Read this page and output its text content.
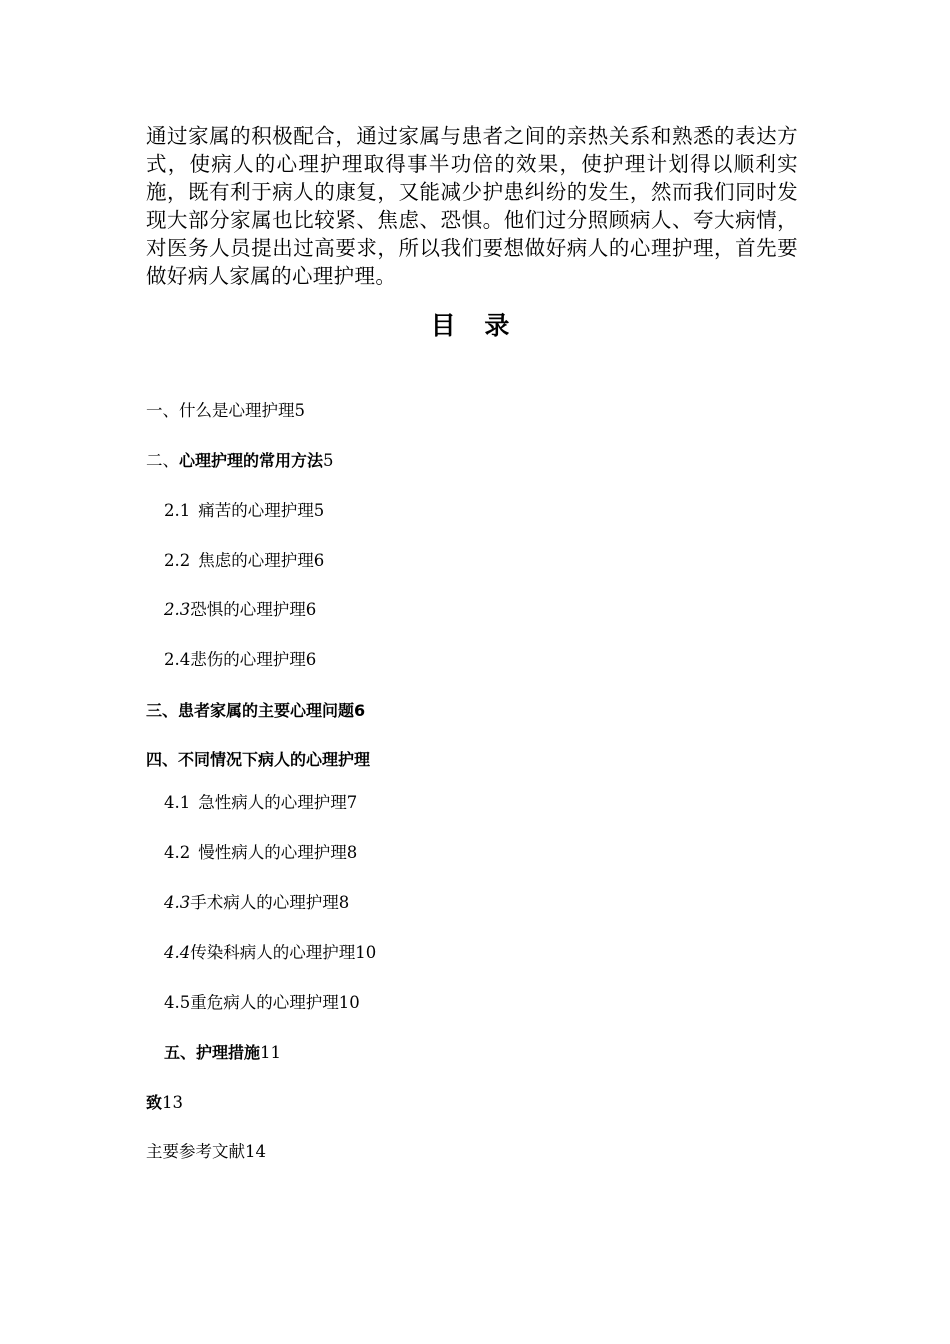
通过家属的积极配合，通过家属与患者之间的亲热关系和熟悉的表达方式，使病人的心理护理取得事半功倍的效果，使护理计划得以顺利实施，既有利于病人的康复，又能减少护患纠纷的发生，然而我们同时发现大部分家属也比较紧、焦虑、恐惧。他们过分照顾病人、夸大病情，对医务人员提出过高要求，所以我们要想做好病人的心理护理，首先要做好病人家属的心理护理。

目 录
一、什么是心理护理5
二、心理护理的常用方法5
2.1 痛苦的心理护理5
2.2 焦虑的心理护理6
2.3恐惧的心理护理6
2.4悲伤的心理护理6
三、患者家属的主要心理问题6
四、不同情况下病人的心理护理
4.1 急性病人的心理护理7
4.2 慢性病人的心理护理8
4.3手术病人的心理护理8
4.4传染科病人的心理护理10
4.5重危病人的心理护理10
五、护理措施11
致13
主要参考文献14
